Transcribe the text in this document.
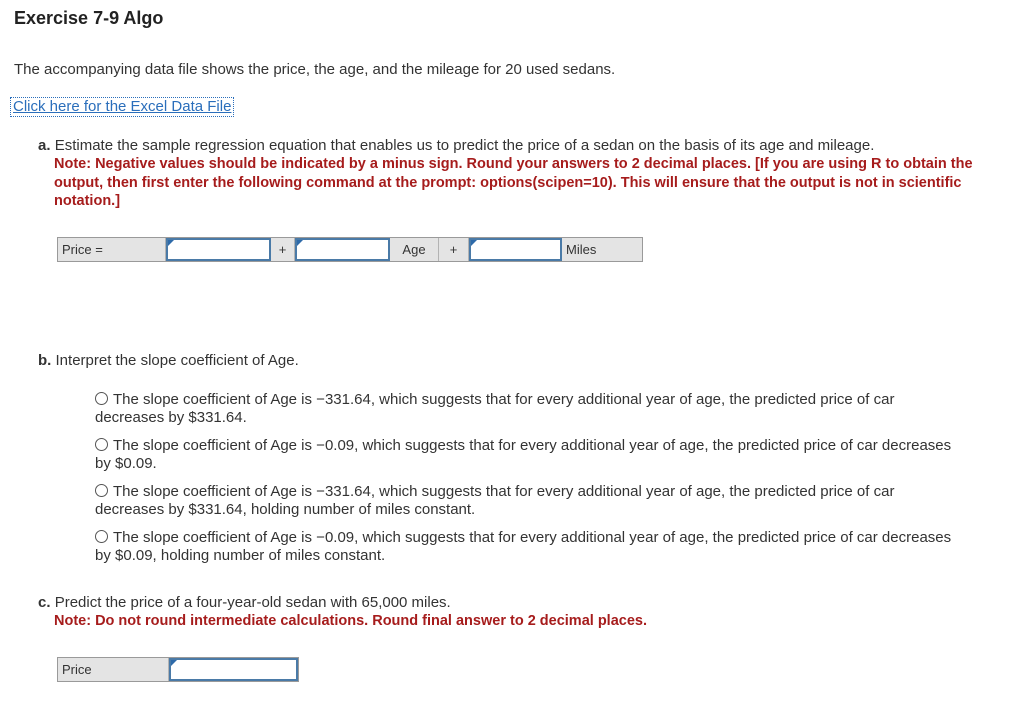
Exercise 7-9 Algo
The accompanying data file shows the price, the age, and the mileage for 20 used sedans.
Click here for the Excel Data File
a. Estimate the sample regression equation that enables us to predict the price of a sedan on the basis of its age and mileage.
Note: Negative values should be indicated by a minus sign. Round your answers to 2 decimal places. [If you are using R to obtain the output, then first enter the following command at the prompt: options(scipen=10). This will ensure that the output is not in scientific notation.]
Price =	+	Age	+	Miles
b. Interpret the slope coefficient of Age.
The slope coefficient of Age is −331.64, which suggests that for every additional year of age, the predicted price of car decreases by $331.64.
The slope coefficient of Age is −0.09, which suggests that for every additional year of age, the predicted price of car decreases by $0.09.
The slope coefficient of Age is −331.64, which suggests that for every additional year of age, the predicted price of car decreases by $331.64, holding number of miles constant.
The slope coefficient of Age is −0.09, which suggests that for every additional year of age, the predicted price of car decreases by $0.09, holding number of miles constant.
c. Predict the price of a four-year-old sedan with 65,000 miles.
Note: Do not round intermediate calculations. Round final answer to 2 decimal places.
Price
